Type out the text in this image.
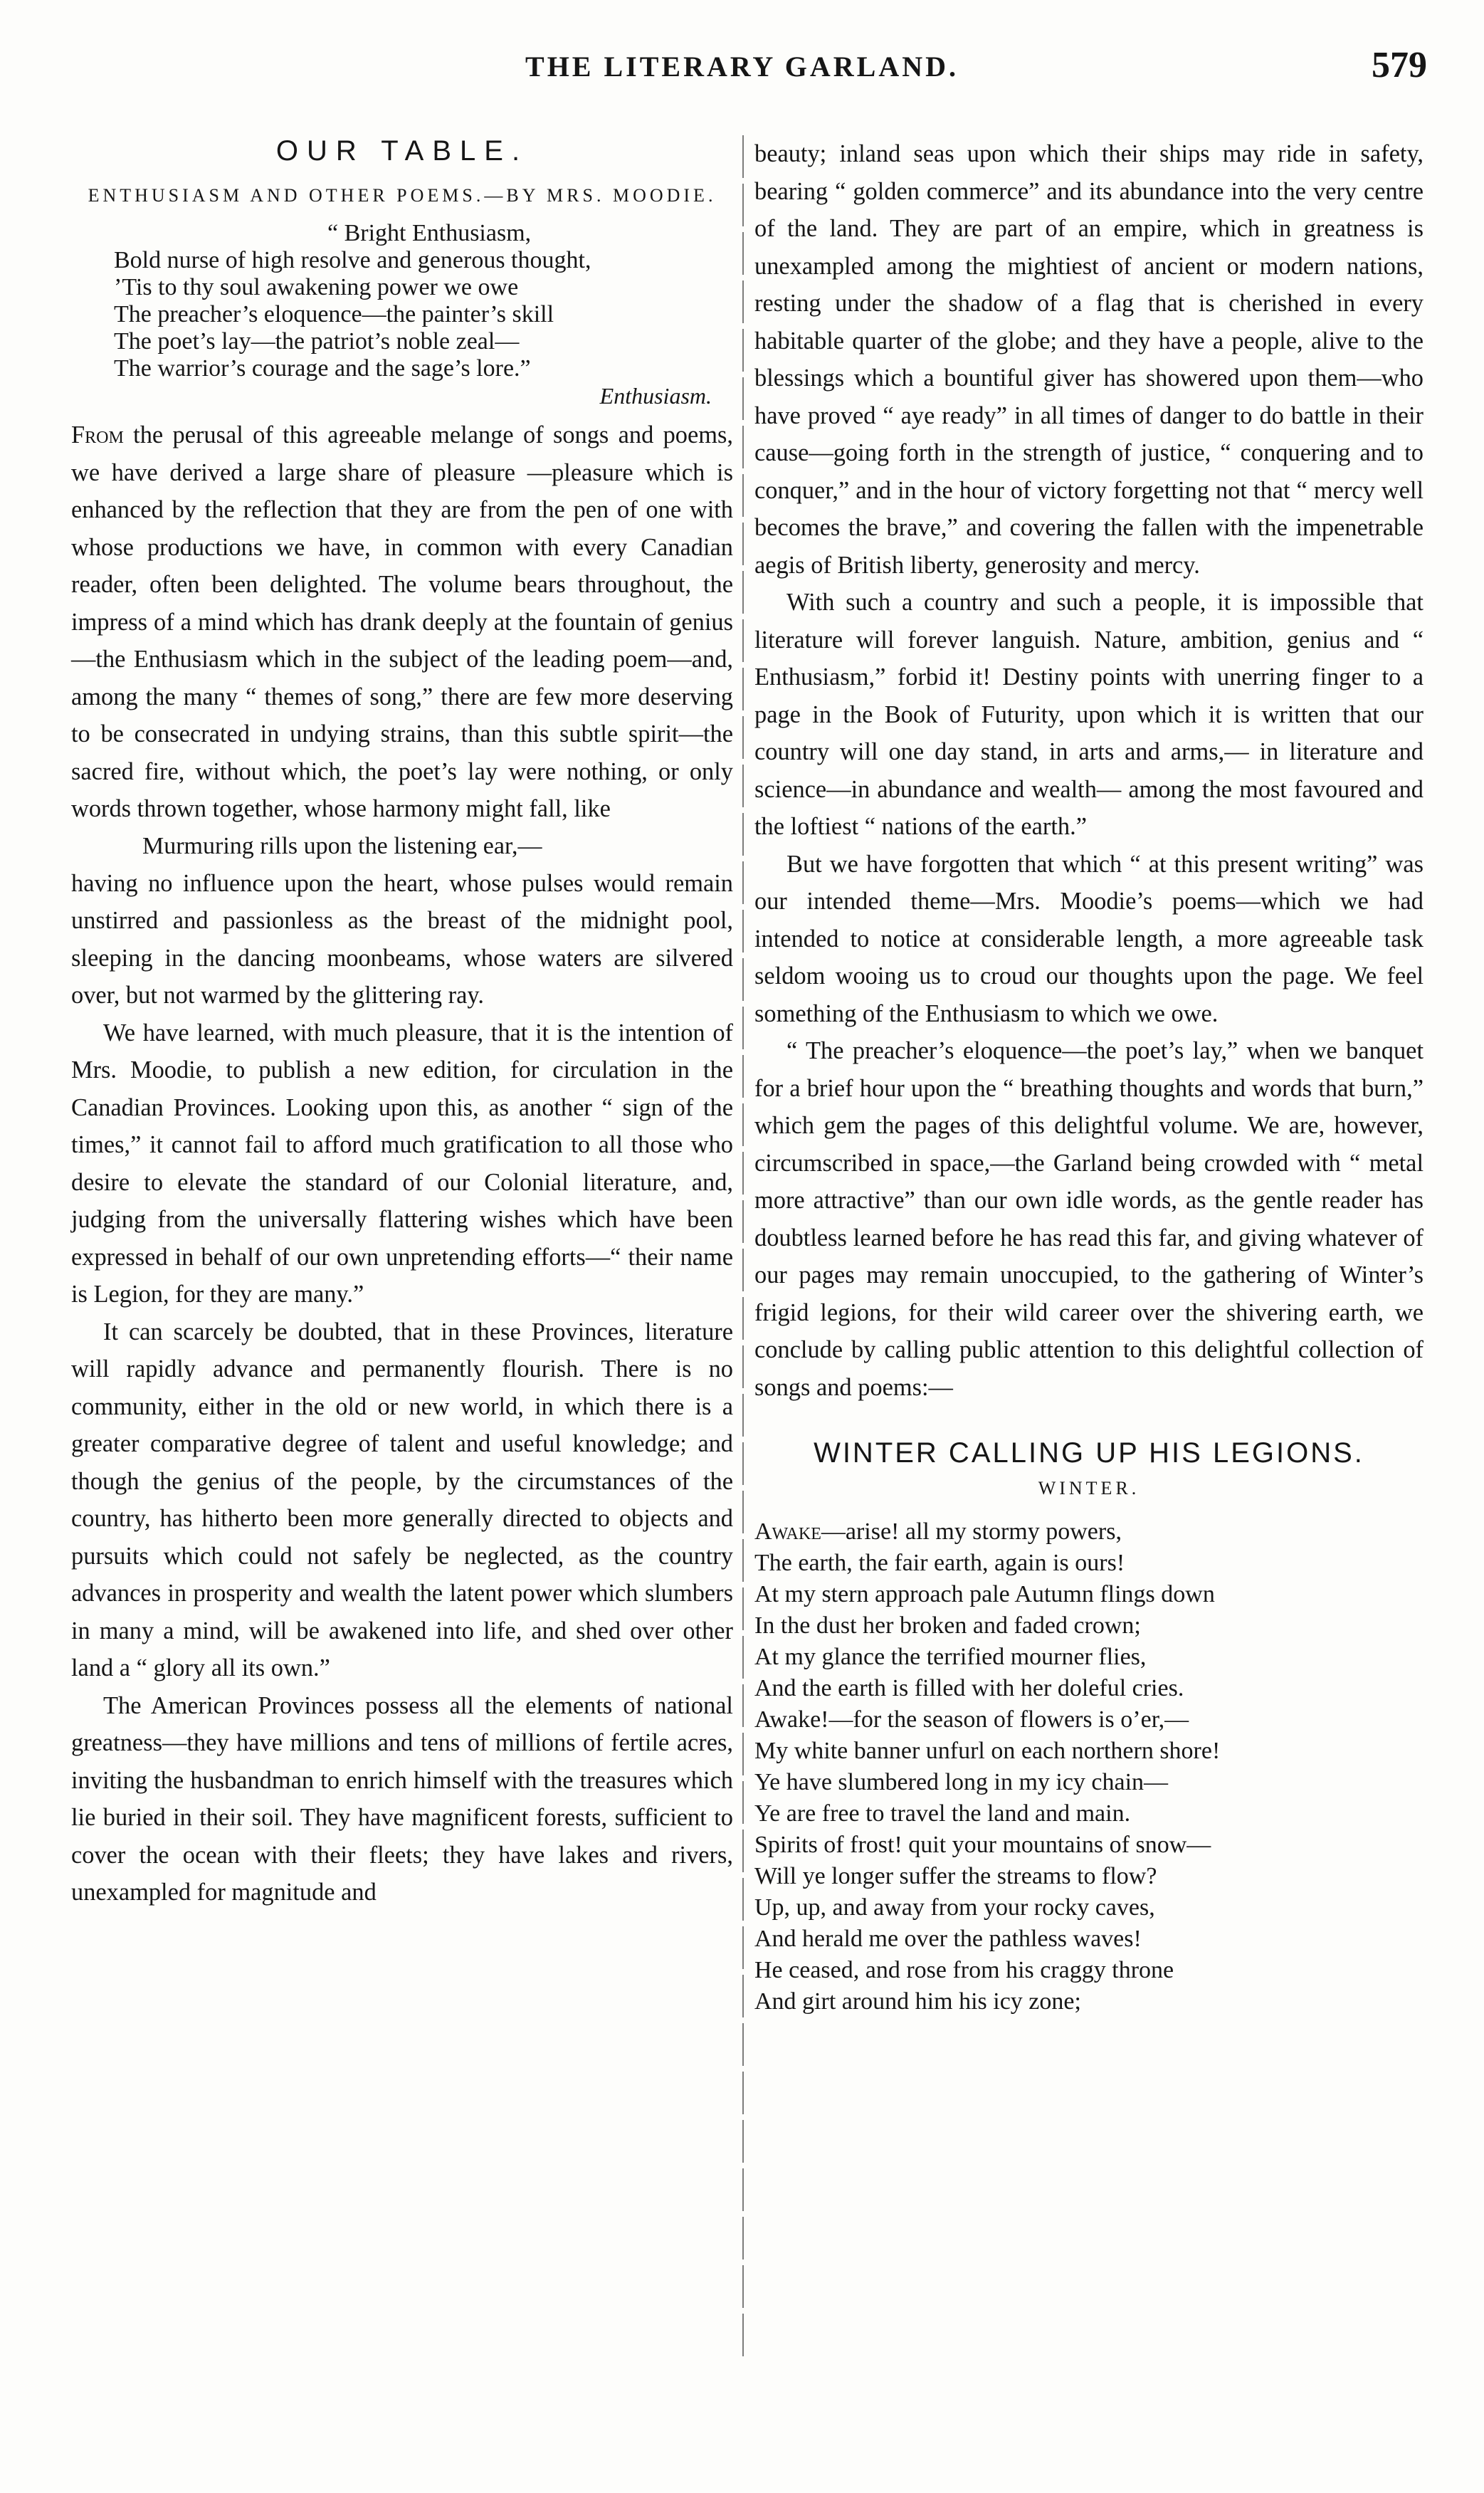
THE LITERARY GARLAND.	579
OUR TABLE.
ENTHUSIASM AND OTHER POEMS.—BY MRS. MOODIE.
“ Bright Enthusiasm,
Bold nurse of high resolve and generous thought,
’Tis to thy soul awakening power we owe
The preacher’s eloquence—the painter’s skill
The poet’s lay—the patriot’s noble zeal—
The warrior’s courage and the sage’s lore.”
Enthusiasm.

From the perusal of this agreeable melange of songs and poems, we have derived a large share of pleasure —pleasure which is enhanced by the reflection that they are from the pen of one with whose productions we have, in common with every Canadian reader, often been delighted. The volume bears throughout, the impress of a mind which has drank deeply at the fountain of genius—the Enthusiasm which in the subject of the leading poem—and, among the many “ themes of song,” there are few more deserving to be consecrated in undying strains, than this subtle spirit—the sacred fire, without which, the poet’s lay were nothing, or only words thrown together, whose harmony might fall, like

Murmuring rills upon the listening ear,—

having no influence upon the heart, whose pulses would remain unstirred and passionless as the breast of the midnight pool, sleeping in the dancing moonbeams, whose waters are silvered over, but not warmed by the glittering ray.

We have learned, with much pleasure, that it is the intention of Mrs. Moodie, to publish a new edition, for circulation in the Canadian Provinces. Looking upon this, as another “ sign of the times,” it cannot fail to afford much gratification to all those who desire to elevate the standard of our Colonial literature, and, judging from the universally flattering wishes which have been expressed in behalf of our own unpretending efforts—“ their name is Legion, for they are many.”

It can scarcely be doubted, that in these Provinces, literature will rapidly advance and permanently flourish. There is no community, either in the old or new world, in which there is a greater comparative degree of talent and useful knowledge; and though the genius of the people, by the circumstances of the country, has hitherto been more generally directed to objects and pursuits which could not safely be neglected, as the country advances in prosperity and wealth the latent power which slumbers in many a mind, will be awakened into life, and shed over other land a “ glory all its own.”

The American Provinces possess all the elements of national greatness—they have millions and tens of millions of fertile acres, inviting the husbandman to enrich himself with the treasures which lie buried in their soil. They have magnificent forests, sufficient to cover the ocean with their fleets; they have lakes and rivers, unexampled for magnitude and

beauty; inland seas upon which their ships may ride in safety, bearing “ golden commerce” and its abundance into the very centre of the land. They are part of an empire, which in greatness is unexampled among the mightiest of ancient or modern nations, resting under the shadow of a flag that is cherished in every habitable quarter of the globe; and they have a people, alive to the blessings which a bountiful giver has showered upon them—who have proved “ aye ready” in all times of danger to do battle in their cause—going forth in the strength of justice, “ conquering and to conquer,” and in the hour of victory forgetting not that “ mercy well becomes the brave,” and covering the fallen with the impenetrable aegis of British liberty, generosity and mercy.

With such a country and such a people, it is impossible that literature will forever languish. Nature, ambition, genius and “ Enthusiasm,” forbid it! Destiny points with unerring finger to a page in the Book of Futurity, upon which it is written that our country will one day stand, in arts and arms,— in literature and science—in abundance and wealth— among the most favoured and the loftiest “ nations of the earth.”

But we have forgotten that which “ at this present writing” was our intended theme—Mrs. Moodie’s poems—which we had intended to notice at considerable length, a more agreeable task seldom wooing us to croud our thoughts upon the page. We feel something of the Enthusiasm to which we owe.

“ The preacher’s eloquence—the poet’s lay,” when we banquet for a brief hour upon the “ breathing thoughts and words that burn,” which gem the pages of this delightful volume. We are, however, circumscribed in space,—the Garland being crowded with “ metal more attractive” than our own idle words, as the gentle reader has doubtless learned before he has read this far, and giving whatever of our pages may remain unoccupied, to the gathering of Winter’s frigid legions, for their wild career over the shivering earth, we conclude by calling public attention to this delightful collection of songs and poems:—

WINTER CALLING UP HIS LEGIONS.
WINTER.

Awake—arise! all my stormy powers,

The earth, the fair earth, again is ours!

At my stern approach pale Autumn flings down

In the dust her broken and faded crown;

At my glance the terrified mourner flies,

And the earth is filled with her doleful cries.

Awake!—for the season of flowers is o’er,—

My white banner unfurl on each northern shore!

Ye have slumbered long in my icy chain—

Ye are free to travel the land and main.

Spirits of frost! quit your mountains of snow—

Will ye longer suffer the streams to flow?

Up, up, and away from your rocky caves,

And herald me over the pathless waves!

He ceased, and rose from his craggy throne

And girt around him his icy zone;
